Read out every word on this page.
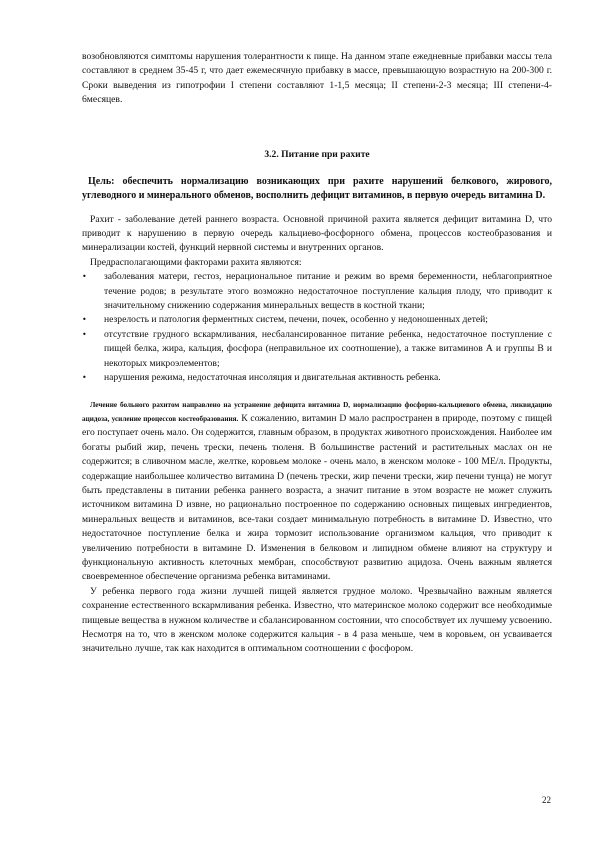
возобновляются симптомы нарушения толерантности к пище. На данном этапе ежедневные прибавки массы тела составляют в среднем 35-45 г, что дает ежемесячную прибавку в массе, превышающую возрастную на 200-300 г. Сроки выведения из гипотрофии I степени составляют 1-1,5 месяца; II степени-2-3 месяца; III степени-4-6месяцев.

3.2. Питание при рахите
Цель: обеспечить нормализацию возникающих при рахите нарушений белкового, жирового, углеводного и минерального обменов, восполнить дефицит витаминов, в первую очередь витамина D.

Рахит - заболевание детей раннего возраста. Основной причиной рахита является дефицит витамина D, что приводит к нарушению в первую очередь кальциево-фосфорного обмена, процессов костеобразования и минерализации костей, функций нервной системы и внутренних органов.

Предрасполагающими факторами рахита являются:

• заболевания матери, гестоз, нерациональное питание и режим во время беременности, неблагоприятное течение родов; в результате этого возможно недостаточное поступление кальция плоду, что приводит к значительному снижению содержания минеральных веществ в костной ткани;
• незрелость и патология ферментных систем, печени, почек, особенно у недоношенных детей;
• отсутствие грудного вскармливания, несбалансированное питание ребенка, недостаточное поступление с пищей белка, жира, кальция, фосфора (неправильное их соотношение), а также витаминов А и группы В и некоторых микроэлементов;
• нарушения режима, недостаточная инсоляция и двигательная активность ребенка.

Лечение больного рахитом направлено на устранение дефицита витамина D, нормализацию фосфорно-кальциевого обмена, ликвидацию ацидоза, усиление процессов костеобразования. К сожалению, витамин D мало распространен в природе, поэтому с пищей его поступает очень мало. Он содержится, главным образом, в продуктах животного происхождения. Наиболее им богаты рыбий жир, печень трески, печень тюленя. В большинстве растений и растительных маслах он не содержится; в сливочном масле, желтке, коровьем молоке - очень мало, в женском молоке - 100 МЕ/л. Продукты, содержащие наибольшее количество витамина D (печень трески, жир печени трески, жир печени тунца) не могут быть представлены в питании ребенка раннего возраста, а значит питание в этом возрасте не может служить источником витамина D извне, но рационально построенное по содержанию основных пищевых ингредиентов, минеральных веществ и витаминов, все-таки создает минимальную потребность в витамине D. Известно, что недостаточное поступление белка и жира тормозит использование организмом кальция, что приводит к увеличению потребности в витамине D. Изменения в белковом и липидном обмене влияют на структуру и функциональную активность клеточных мембран, способствуют развитию ацидоза. Очень важным является своевременное обеспечение организма ребенка витаминами.

У ребенка первого года жизни лучшей пищей является грудное молоко. Чрезвычайно важным является сохранение естественного вскармливания ребенка. Известно, что материнское молоко содержит все необходимые пищевые вещества в нужном количестве и сбалансированном состоянии, что способствует их лучшему усвоению. Несмотря на то, что в женском молоке содержится кальция - в 4 раза меньше, чем в коровьем, он усваивается значительно лучше, так как находится в оптимальном соотношении с фосфором.

22
